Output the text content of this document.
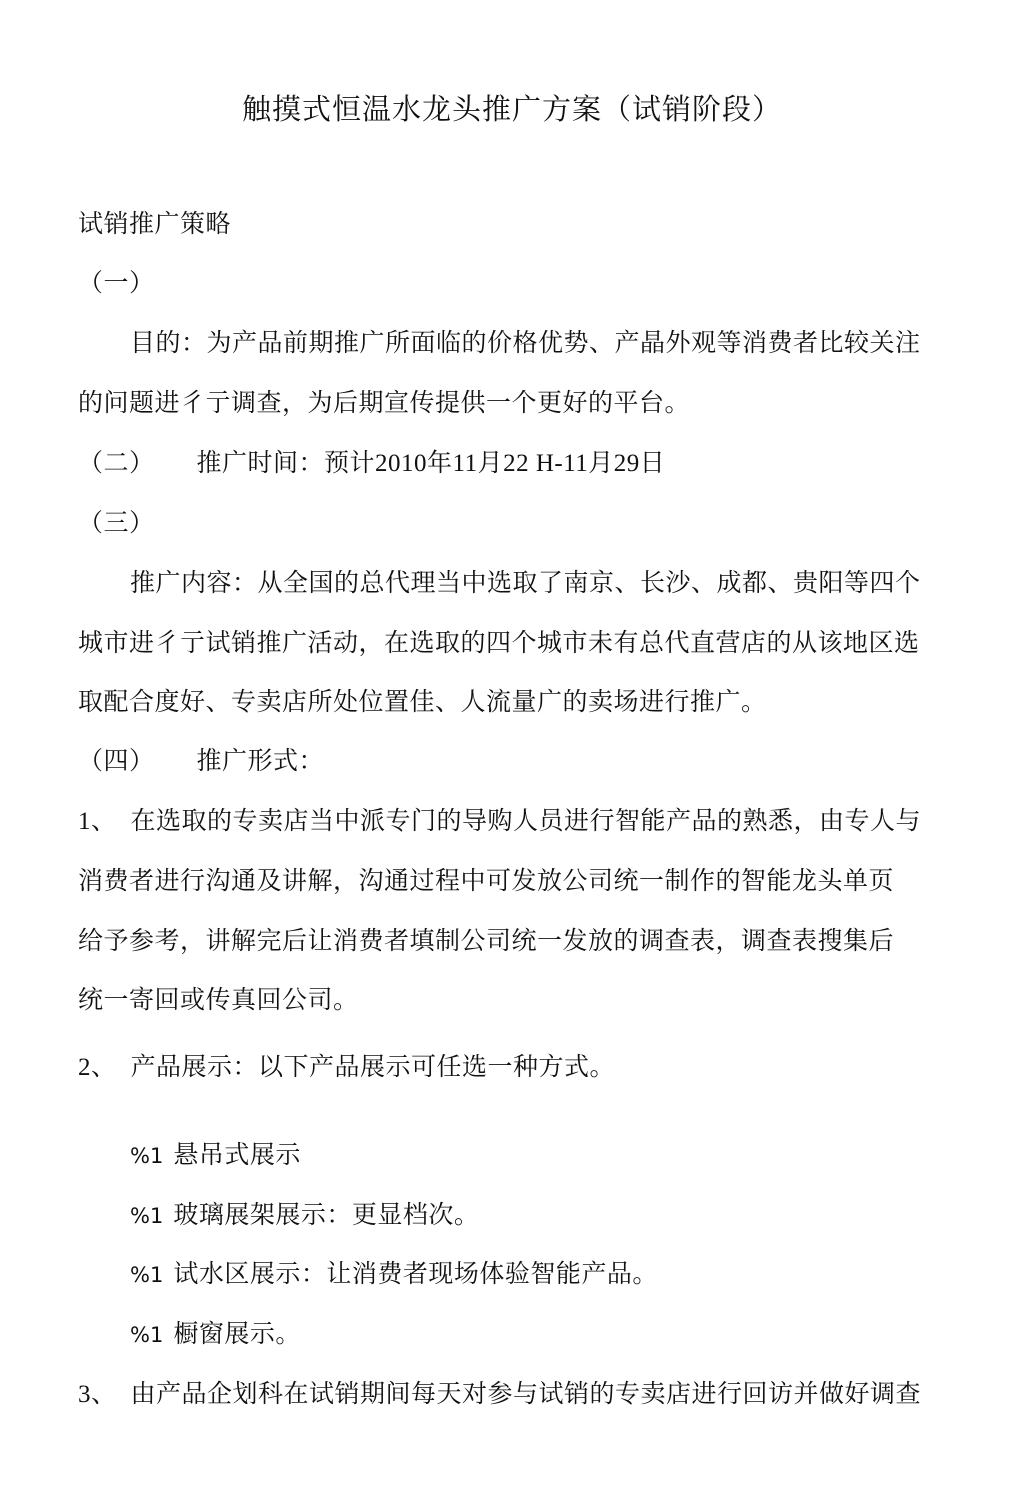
触摸式恒温水龙头推广方案（试销阶段）
试销推广策略
（一）
目的：为产品前期推广所面临的价格优势、产晶外观等消费者比较关注
的问题进彳亍调查，为后期宣传提供一个更好的平台。
（二） 推广时间：预计2010年11月22 H-11月29日
（三）
推广内容：从全国的总代理当中选取了南京、长沙、成都、贵阳等四个
城市进彳亍试销推广活动，在选取的四个城市未有总代直营店的从该地区选
取配合度好、专卖店所处位置佳、人流量广的卖场进行推广。
（四） 推广形式：
1、 在选取的专卖店当中派专门的导购人员进行智能产品的熟悉，由专人与
消费者进行沟通及讲解，沟通过程中可发放公司统一制作的智能龙头单页
给予参考，讲解完后让消费者填制公司统一发放的调查表，调查表搜集后
统一寄回或传真回公司。
2、 产品展示：以下产品展示可任选一种方式。
%1 悬吊式展示
%1 玻璃展架展示：更显档次。
%1 试水区展示：让消费者现场体验智能产品。
%1 橱窗展示。
3、 由产品企划科在试销期间每天对参与试销的专卖店进行回访并做好调查
